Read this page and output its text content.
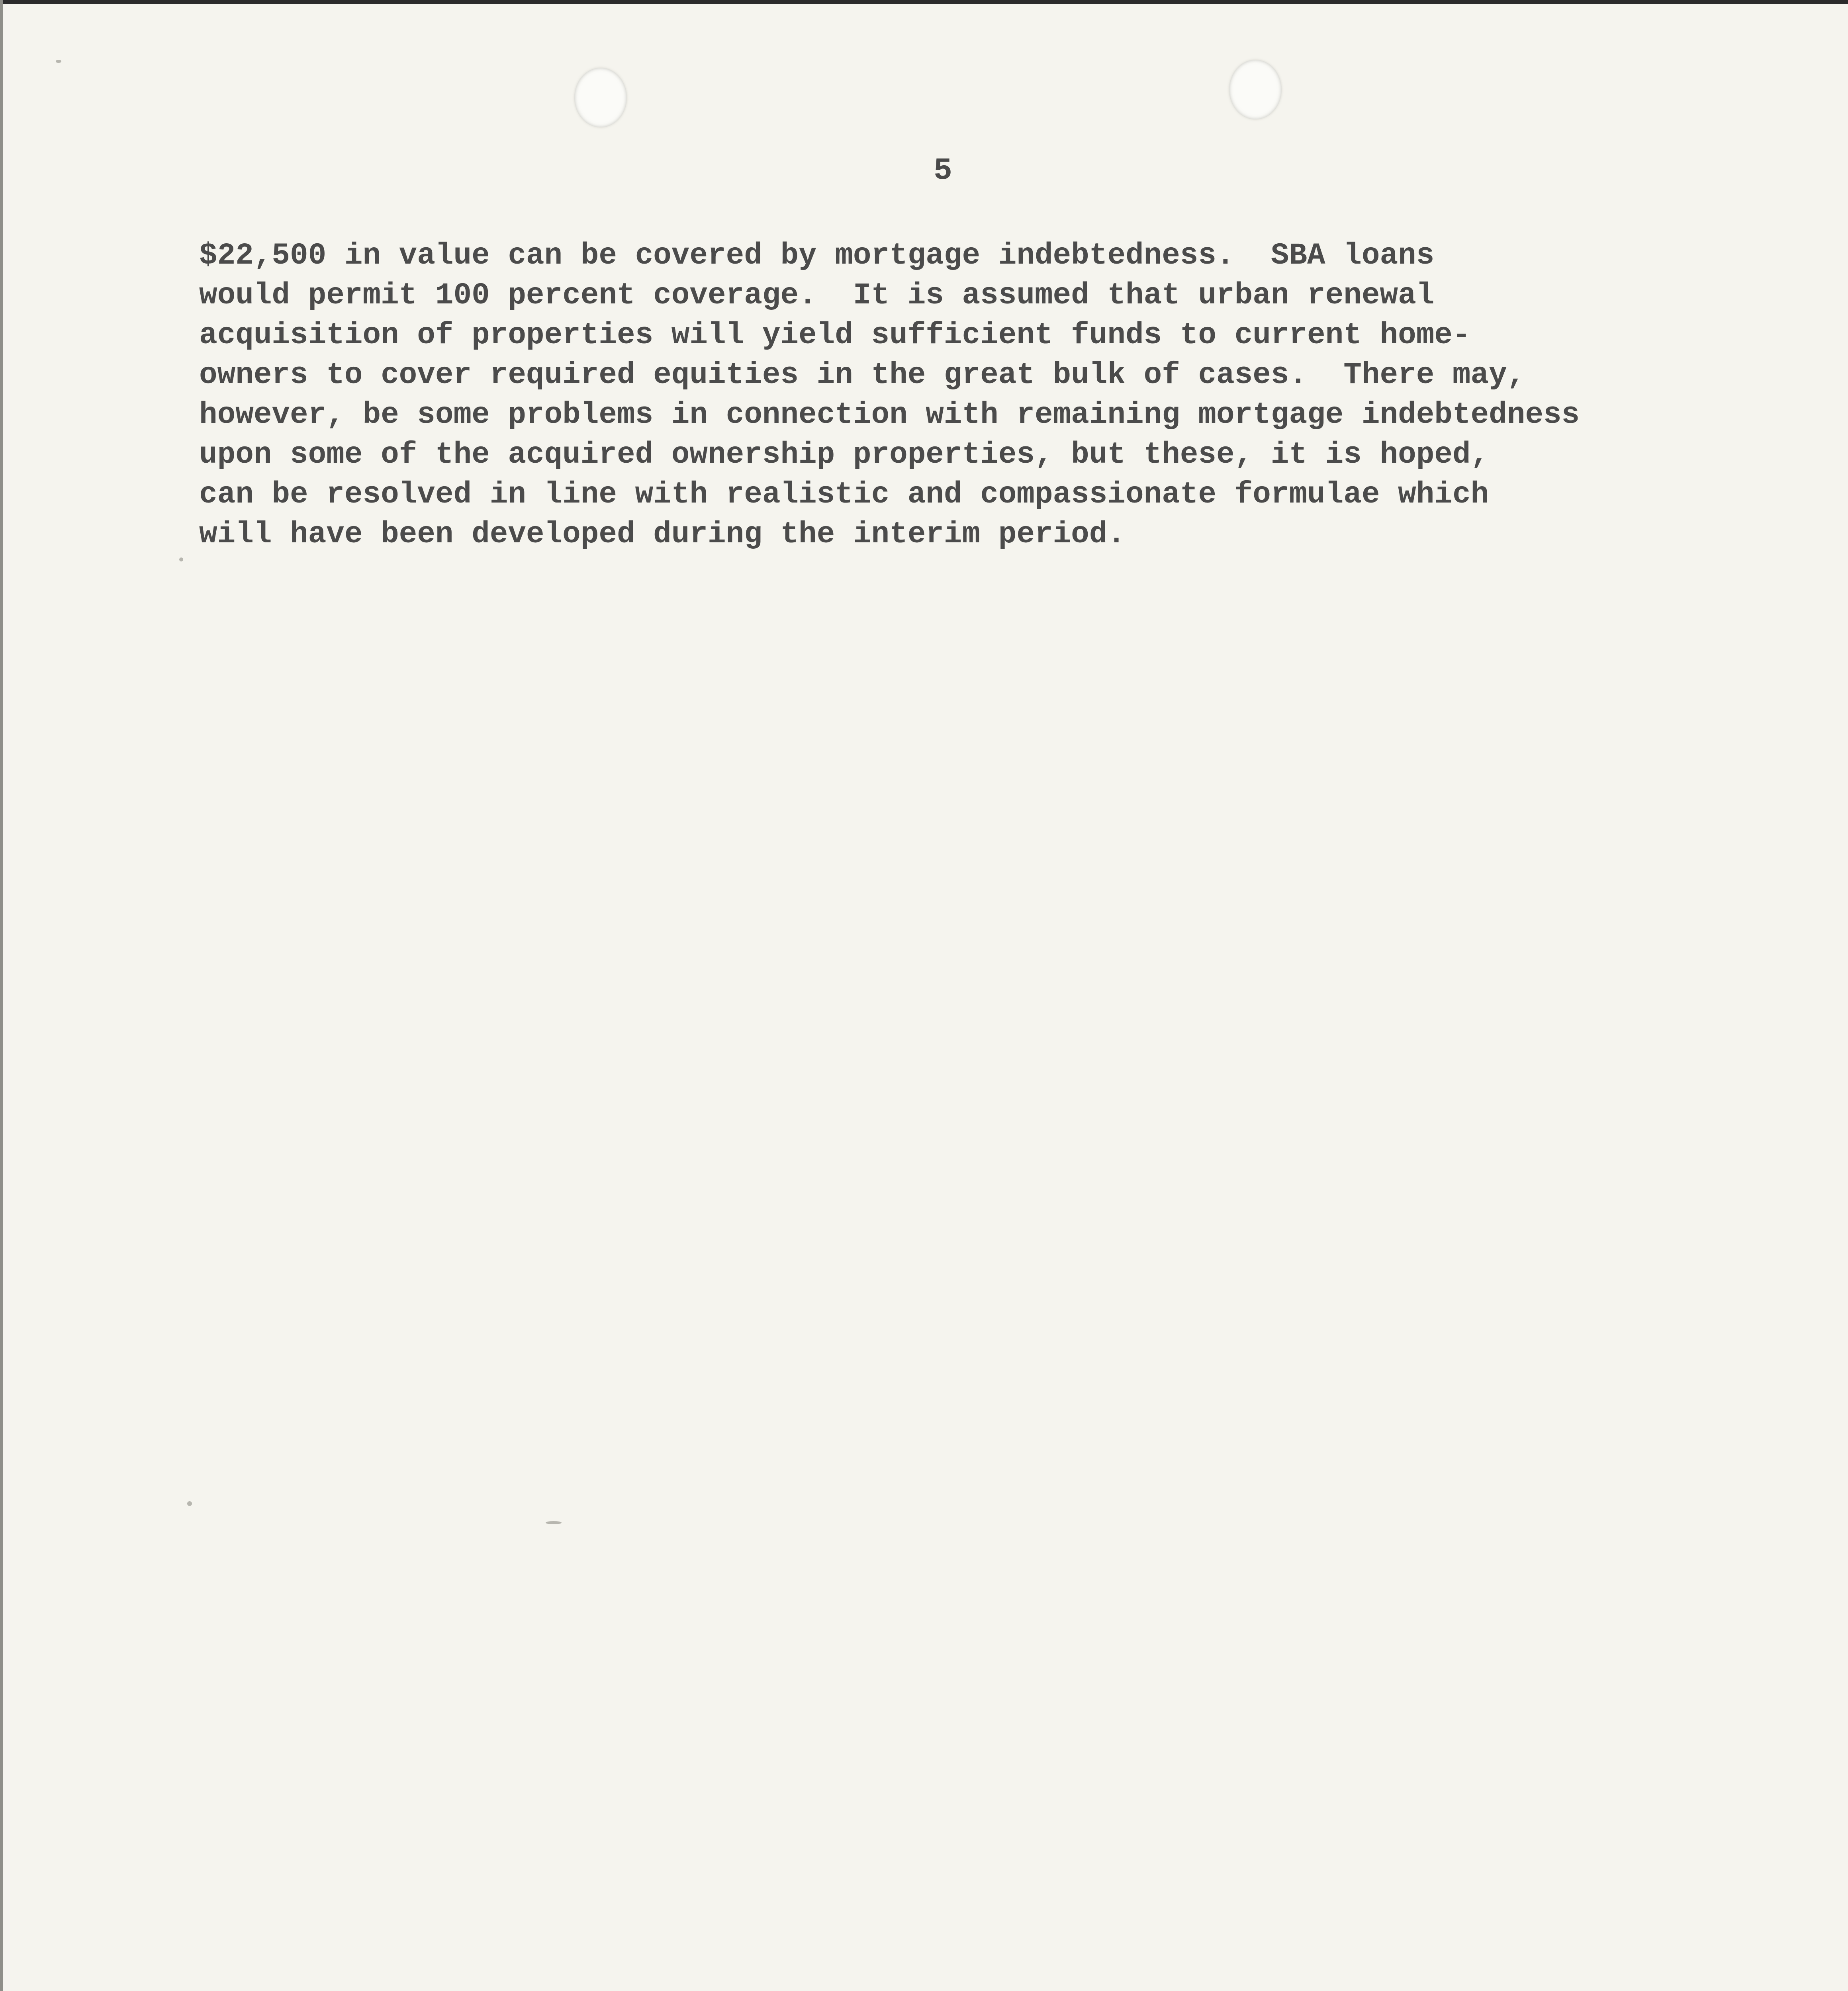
5
$22,500 in value can be covered by mortgage indebtedness.  SBA loans
would permit 100 percent coverage.  It is assumed that urban renewal
acquisition of properties will yield sufficient funds to current home-
owners to cover required equities in the great bulk of cases.  There may,
however, be some problems in connection with remaining mortgage indebtedness
upon some of the acquired ownership properties, but these, it is hoped,
can be resolved in line with realistic and compassionate formulae which
will have been developed during the interim period.
